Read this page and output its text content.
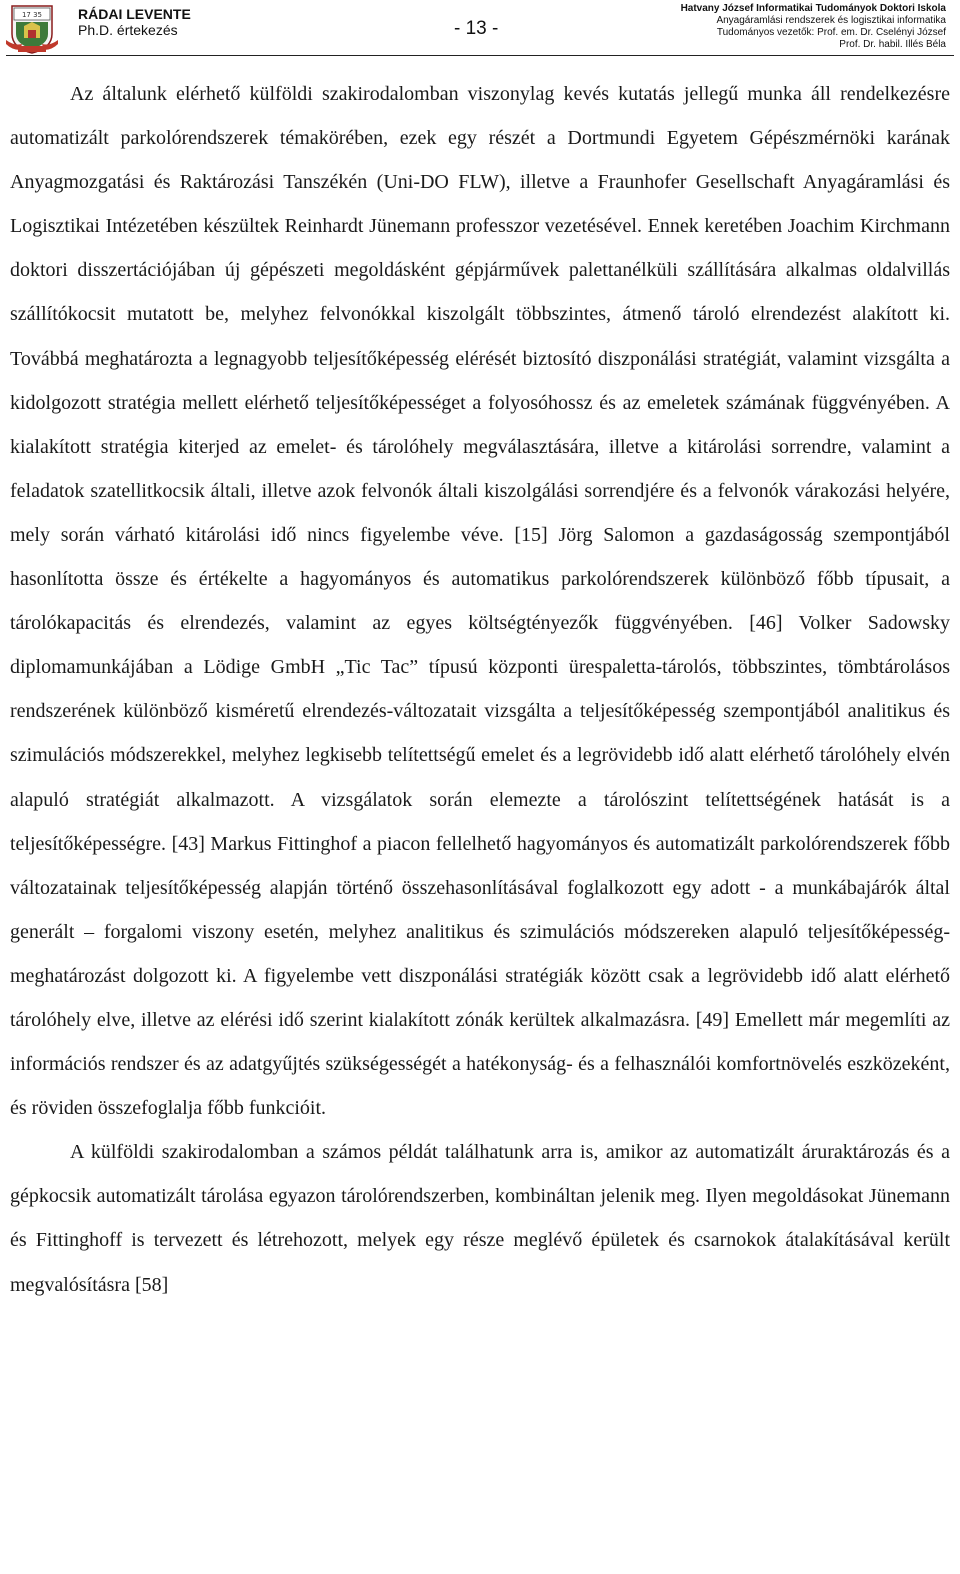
17 35	RÁDAI LEVENTE
Ph.D. értekezés	- 13 -
Hatvany József Informatikai Tudományok Doktori Iskola
Anyagáramlási rendszerek és logisztikai informatika
Tudományos vezetők: Prof. em. Dr. Cselényi József
Prof. Dr. habil. Illés Béla

Az általunk elérhető külföldi szakirodalomban viszonylag kevés kutatás jellegű munka áll rendelkezésre automatizált parkolórendszerek témakörében, ezek egy részét a Dortmundi Egyetem Gépészmérnöki karának Anyagmozgatási és Raktározási Tanszékén (Uni-DO FLW), illetve a Fraunhofer Gesellschaft Anyagáramlási és Logisztikai Intézetében készültek Reinhardt Jünemann professzor vezetésével. Ennek keretében Joachim Kirchmann doktori disszertációjában új gépészeti megoldásként gépjárművek palettanélküli szállítására alkalmas oldalvillás szállítókocsit mutatott be, melyhez felvonókkal kiszolgált többszintes, átmenő tároló elrendezést alakított ki. Továbbá meghatározta a legnagyobb teljesítőképesség elérését biztosító diszponálási stratégiát, valamint vizsgálta a kidolgozott stratégia mellett elérhető teljesítőképességet a folyosóhossz és az emeletek számának függvényében. A kialakított stratégia kiterjed az emelet- és tárolóhely megválasztására, illetve a kitárolási sorrendre, valamint a feladatok szatellitkocsik általi, illetve azok felvonók általi kiszolgálási sorrendjére és a felvonók várakozási helyére, mely során várható kitárolási idő nincs figyelembe véve. [15] Jörg Salomon a gazdaságosság szempontjából hasonlította össze és értékelte a hagyományos és automatikus parkolórendszerek különböző főbb típusait, a tárolókapacitás és elrendezés, valamint az egyes költségtényezők függvényében. [46] Volker Sadowsky diplomamunkájában a Lödige GmbH „Tic Tac” típusú központi ürespaletta-tárolós, többszintes, tömbtárolásos rendszerének különböző kisméretű elrendezés-változatait vizsgálta a teljesítőképesség szempontjából analitikus és szimulációs módszerekkel, melyhez legkisebb telítettségű emelet és a legrövidebb idő alatt elérhető tárolóhely elvén alapuló stratégiát alkalmazott. A vizsgálatok során elemezte a tárolószint telítettségének hatását is a teljesítőképességre. [43] Markus Fittinghof a piacon fellelhető hagyományos és automatizált parkolórendszerek főbb változatainak teljesítőképesség alapján történő összehasonlításával foglalkozott egy adott - a munkábajárók által generált – forgalomi viszony esetén, melyhez analitikus és szimulációs módszereken alapuló teljesítőképesség-meghatározást dolgozott ki. A figyelembe vett diszponálási stratégiák között csak a legrövidebb idő alatt elérhető tárolóhely elve, illetve az elérési idő szerint kialakított zónák kerültek alkalmazásra. [49] Emellett már megemlíti az információs rendszer és az adatgyűjtés szükségességét a hatékonyság- és a felhasználói komfortnövelés eszközeként, és röviden összefoglalja főbb funkcióit.

A külföldi szakirodalomban a számos példát találhatunk arra is, amikor az automatizált áruraktározás és a gépkocsik automatizált tárolása egyazon tárolórendszerben, kombináltan jelenik meg. Ilyen megoldásokat Jünemann és Fittinghoff is tervezett és létrehozott, melyek egy része meglévő épületek és csarnokok átalakításával került megvalósításra [58]
